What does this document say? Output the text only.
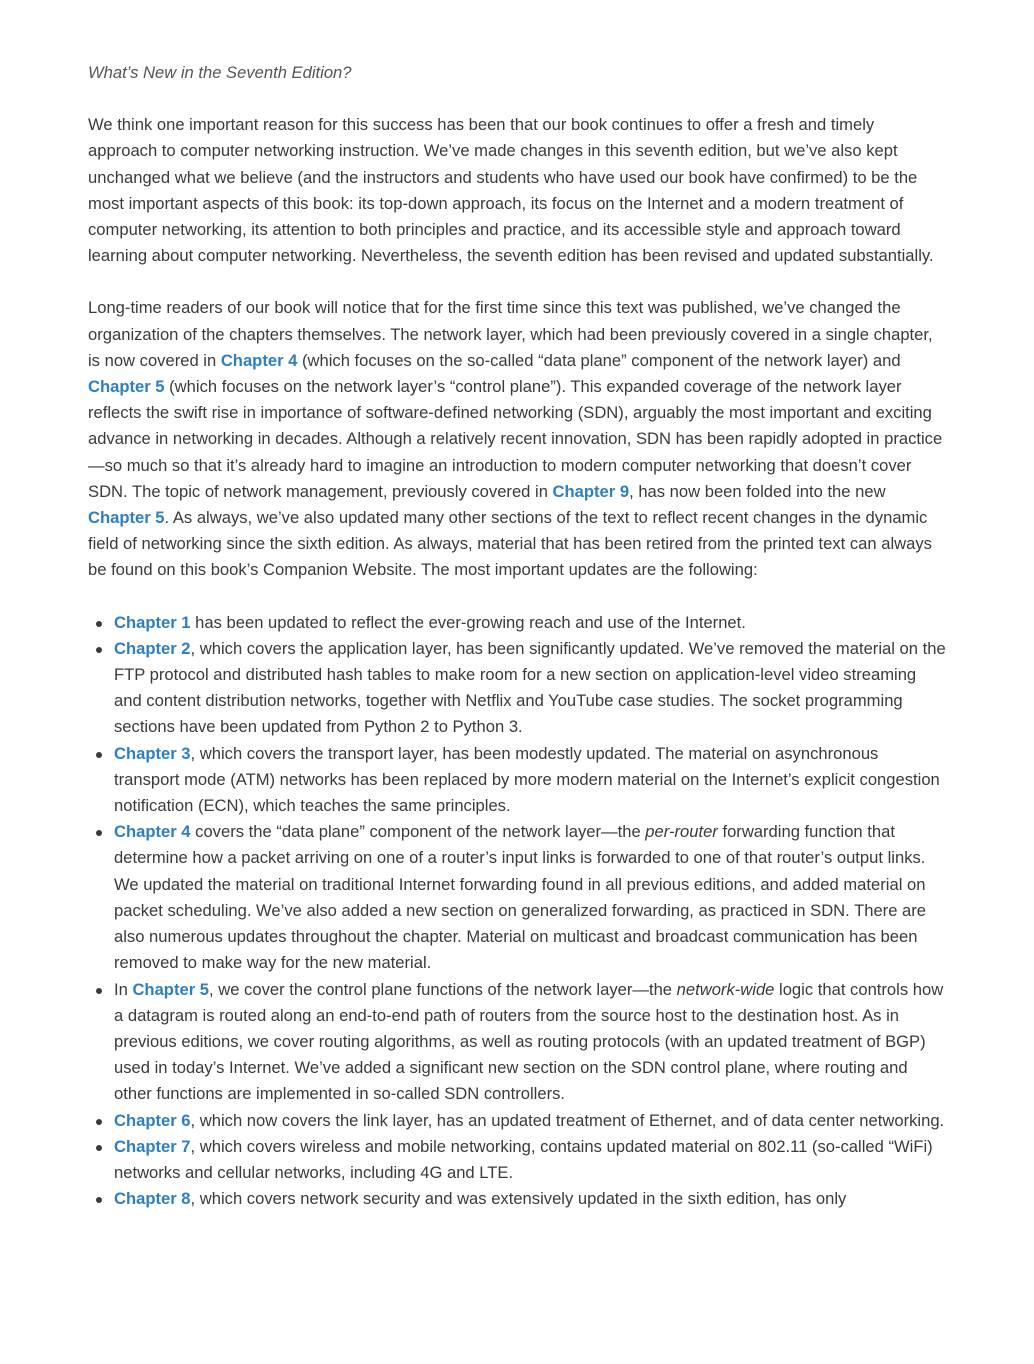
What’s New in the Seventh Edition?

We think one important reason for this success has been that our book continues to offer a fresh and timely approach to computer networking instruction. We’ve made changes in this seventh edition, but we’ve also kept unchanged what we believe (and the instructors and students who have used our book have confirmed) to be the most important aspects of this book: its top-down approach, its focus on the Internet and a modern treatment of computer networking, its attention to both principles and practice, and its accessible style and approach toward learning about computer networking. Nevertheless, the seventh edition has been revised and updated substantially.

Long-time readers of our book will notice that for the first time since this text was published, we’ve changed the organization of the chapters themselves. The network layer, which had been previously covered in a single chapter, is now covered in Chapter 4 (which focuses on the so-called “data plane” component of the network layer) and Chapter 5 (which focuses on the network layer’s “control plane”). This expanded coverage of the network layer reflects the swift rise in importance of software-defined networking (SDN), arguably the most important and exciting advance in networking in decades. Although a relatively recent innovation, SDN has been rapidly adopted in practice—so much so that it’s already hard to imagine an introduction to modern computer networking that doesn’t cover SDN. The topic of network management, previously covered in Chapter 9, has now been folded into the new Chapter 5. As always, we’ve also updated many other sections of the text to reflect recent changes in the dynamic field of networking since the sixth edition. As always, material that has been retired from the printed text can always be found on this book’s Companion Website. The most important updates are the following:

Chapter 1 has been updated to reflect the ever-growing reach and use of the Internet.
Chapter 2, which covers the application layer, has been significantly updated. We’ve removed the material on the FTP protocol and distributed hash tables to make room for a new section on application-level video streaming and content distribution networks, together with Netflix and YouTube case studies. The socket programming sections have been updated from Python 2 to Python 3.
Chapter 3, which covers the transport layer, has been modestly updated. The material on asynchronous transport mode (ATM) networks has been replaced by more modern material on the Internet’s explicit congestion notification (ECN), which teaches the same principles.
Chapter 4 covers the “data plane” component of the network layer—the per-router forwarding function that determine how a packet arriving on one of a router’s input links is forwarded to one of that router’s output links. We updated the material on traditional Internet forwarding found in all previous editions, and added material on packet scheduling. We’ve also added a new section on generalized forwarding, as practiced in SDN. There are also numerous updates throughout the chapter. Material on multicast and broadcast communication has been removed to make way for the new material.
In Chapter 5, we cover the control plane functions of the network layer—the network-wide logic that controls how a datagram is routed along an end-to-end path of routers from the source host to the destination host. As in previous editions, we cover routing algorithms, as well as routing protocols (with an updated treatment of BGP) used in today’s Internet. We’ve added a significant new section on the SDN control plane, where routing and other functions are implemented in so-called SDN controllers.
Chapter 6, which now covers the link layer, has an updated treatment of Ethernet, and of data center networking.
Chapter 7, which covers wireless and mobile networking, contains updated material on 802.11 (so-called “WiFi) networks and cellular networks, including 4G and LTE.
Chapter 8, which covers network security and was extensively updated in the sixth edition, has only
